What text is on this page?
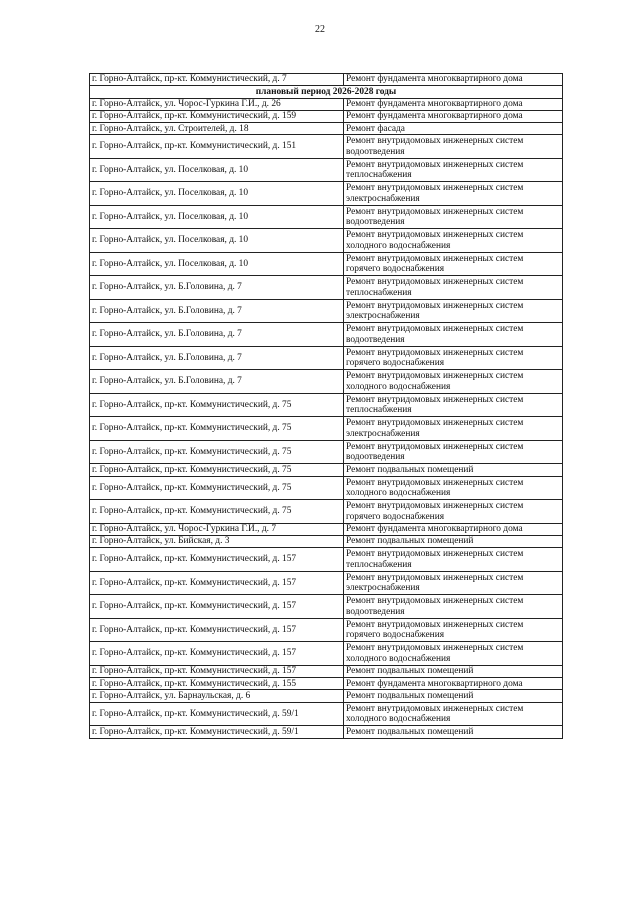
22
г. Горно-Алтайск, пр-кт. Коммунистический, д. 7	Ремонт фундамента многоквартирного дома
плановый период 2026-2028 годы	
г. Горно-Алтайск, ул. Чорос-Гуркина Г.И., д. 26	Ремонт фундамента многоквартирного дома
г. Горно-Алтайск, пр-кт. Коммунистический, д. 159	Ремонт фундамента многоквартирного дома
г. Горно-Алтайск, ул. Строителей, д. 18	Ремонт фасада
г. Горно-Алтайск, пр-кт. Коммунистический, д. 151	Ремонт внутридомовых инженерных систем водоотведения
г. Горно-Алтайск, ул. Поселковая, д. 10	Ремонт внутридомовых инженерных систем теплоснабжения
г. Горно-Алтайск, ул. Поселковая, д. 10	Ремонт внутридомовых инженерных систем электроснабжения
г. Горно-Алтайск, ул. Поселковая, д. 10	Ремонт внутридомовых инженерных систем водоотведения
г. Горно-Алтайск, ул. Поселковая, д. 10	Ремонт внутридомовых инженерных систем холодного водоснабжения
г. Горно-Алтайск, ул. Поселковая, д. 10	Ремонт внутридомовых инженерных систем горячего водоснабжения
г. Горно-Алтайск, ул. Б.Головина, д. 7	Ремонт внутридомовых инженерных систем теплоснабжения
г. Горно-Алтайск, ул. Б.Головина, д. 7	Ремонт внутридомовых инженерных систем электроснабжения
г. Горно-Алтайск, ул. Б.Головина, д. 7	Ремонт внутридомовых инженерных систем водоотведения
г. Горно-Алтайск, ул. Б.Головина, д. 7	Ремонт внутридомовых инженерных систем горячего водоснабжения
г. Горно-Алтайск, ул. Б.Головина, д. 7	Ремонт внутридомовых инженерных систем холодного водоснабжения
г. Горно-Алтайск, пр-кт. Коммунистический, д. 75	Ремонт внутридомовых инженерных систем теплоснабжения
г. Горно-Алтайск, пр-кт. Коммунистический, д. 75	Ремонт внутридомовых инженерных систем электроснабжения
г. Горно-Алтайск, пр-кт. Коммунистический, д. 75	Ремонт внутридомовых инженерных систем водоотведения
г. Горно-Алтайск, пр-кт. Коммунистический, д. 75	Ремонт подвальных помещений
г. Горно-Алтайск, пр-кт. Коммунистический, д. 75	Ремонт внутридомовых инженерных систем холодного водоснабжения
г. Горно-Алтайск, пр-кт. Коммунистический, д. 75	Ремонт внутридомовых инженерных систем горячего водоснабжения
г. Горно-Алтайск, ул. Чорос-Гуркина Г.И., д. 7	Ремонт фундамента многоквартирного дома
г. Горно-Алтайск, ул. Бийская, д. 3	Ремонт подвальных помещений
г. Горно-Алтайск, пр-кт. Коммунистический, д. 157	Ремонт внутридомовых инженерных систем теплоснабжения
г. Горно-Алтайск, пр-кт. Коммунистический, д. 157	Ремонт внутридомовых инженерных систем электроснабжения
г. Горно-Алтайск, пр-кт. Коммунистический, д. 157	Ремонт внутридомовых инженерных систем водоотведения
г. Горно-Алтайск, пр-кт. Коммунистический, д. 157	Ремонт внутридомовых инженерных систем горячего водоснабжения
г. Горно-Алтайск, пр-кт. Коммунистический, д. 157	Ремонт внутридомовых инженерных систем холодного водоснабжения
г. Горно-Алтайск, пр-кт. Коммунистический, д. 157	Ремонт подвальных помещений
г. Горно-Алтайск, пр-кт. Коммунистический, д. 155	Ремонт фундамента многоквартирного дома
г. Горно-Алтайск, ул. Барнаульская, д. 6	Ремонт подвальных помещений
г. Горно-Алтайск, пр-кт. Коммунистический, д. 59/1	Ремонт внутридомовых инженерных систем холодного водоснабжения
г. Горно-Алтайск, пр-кт. Коммунистический, д. 59/1	Ремонт подвальных помещений
